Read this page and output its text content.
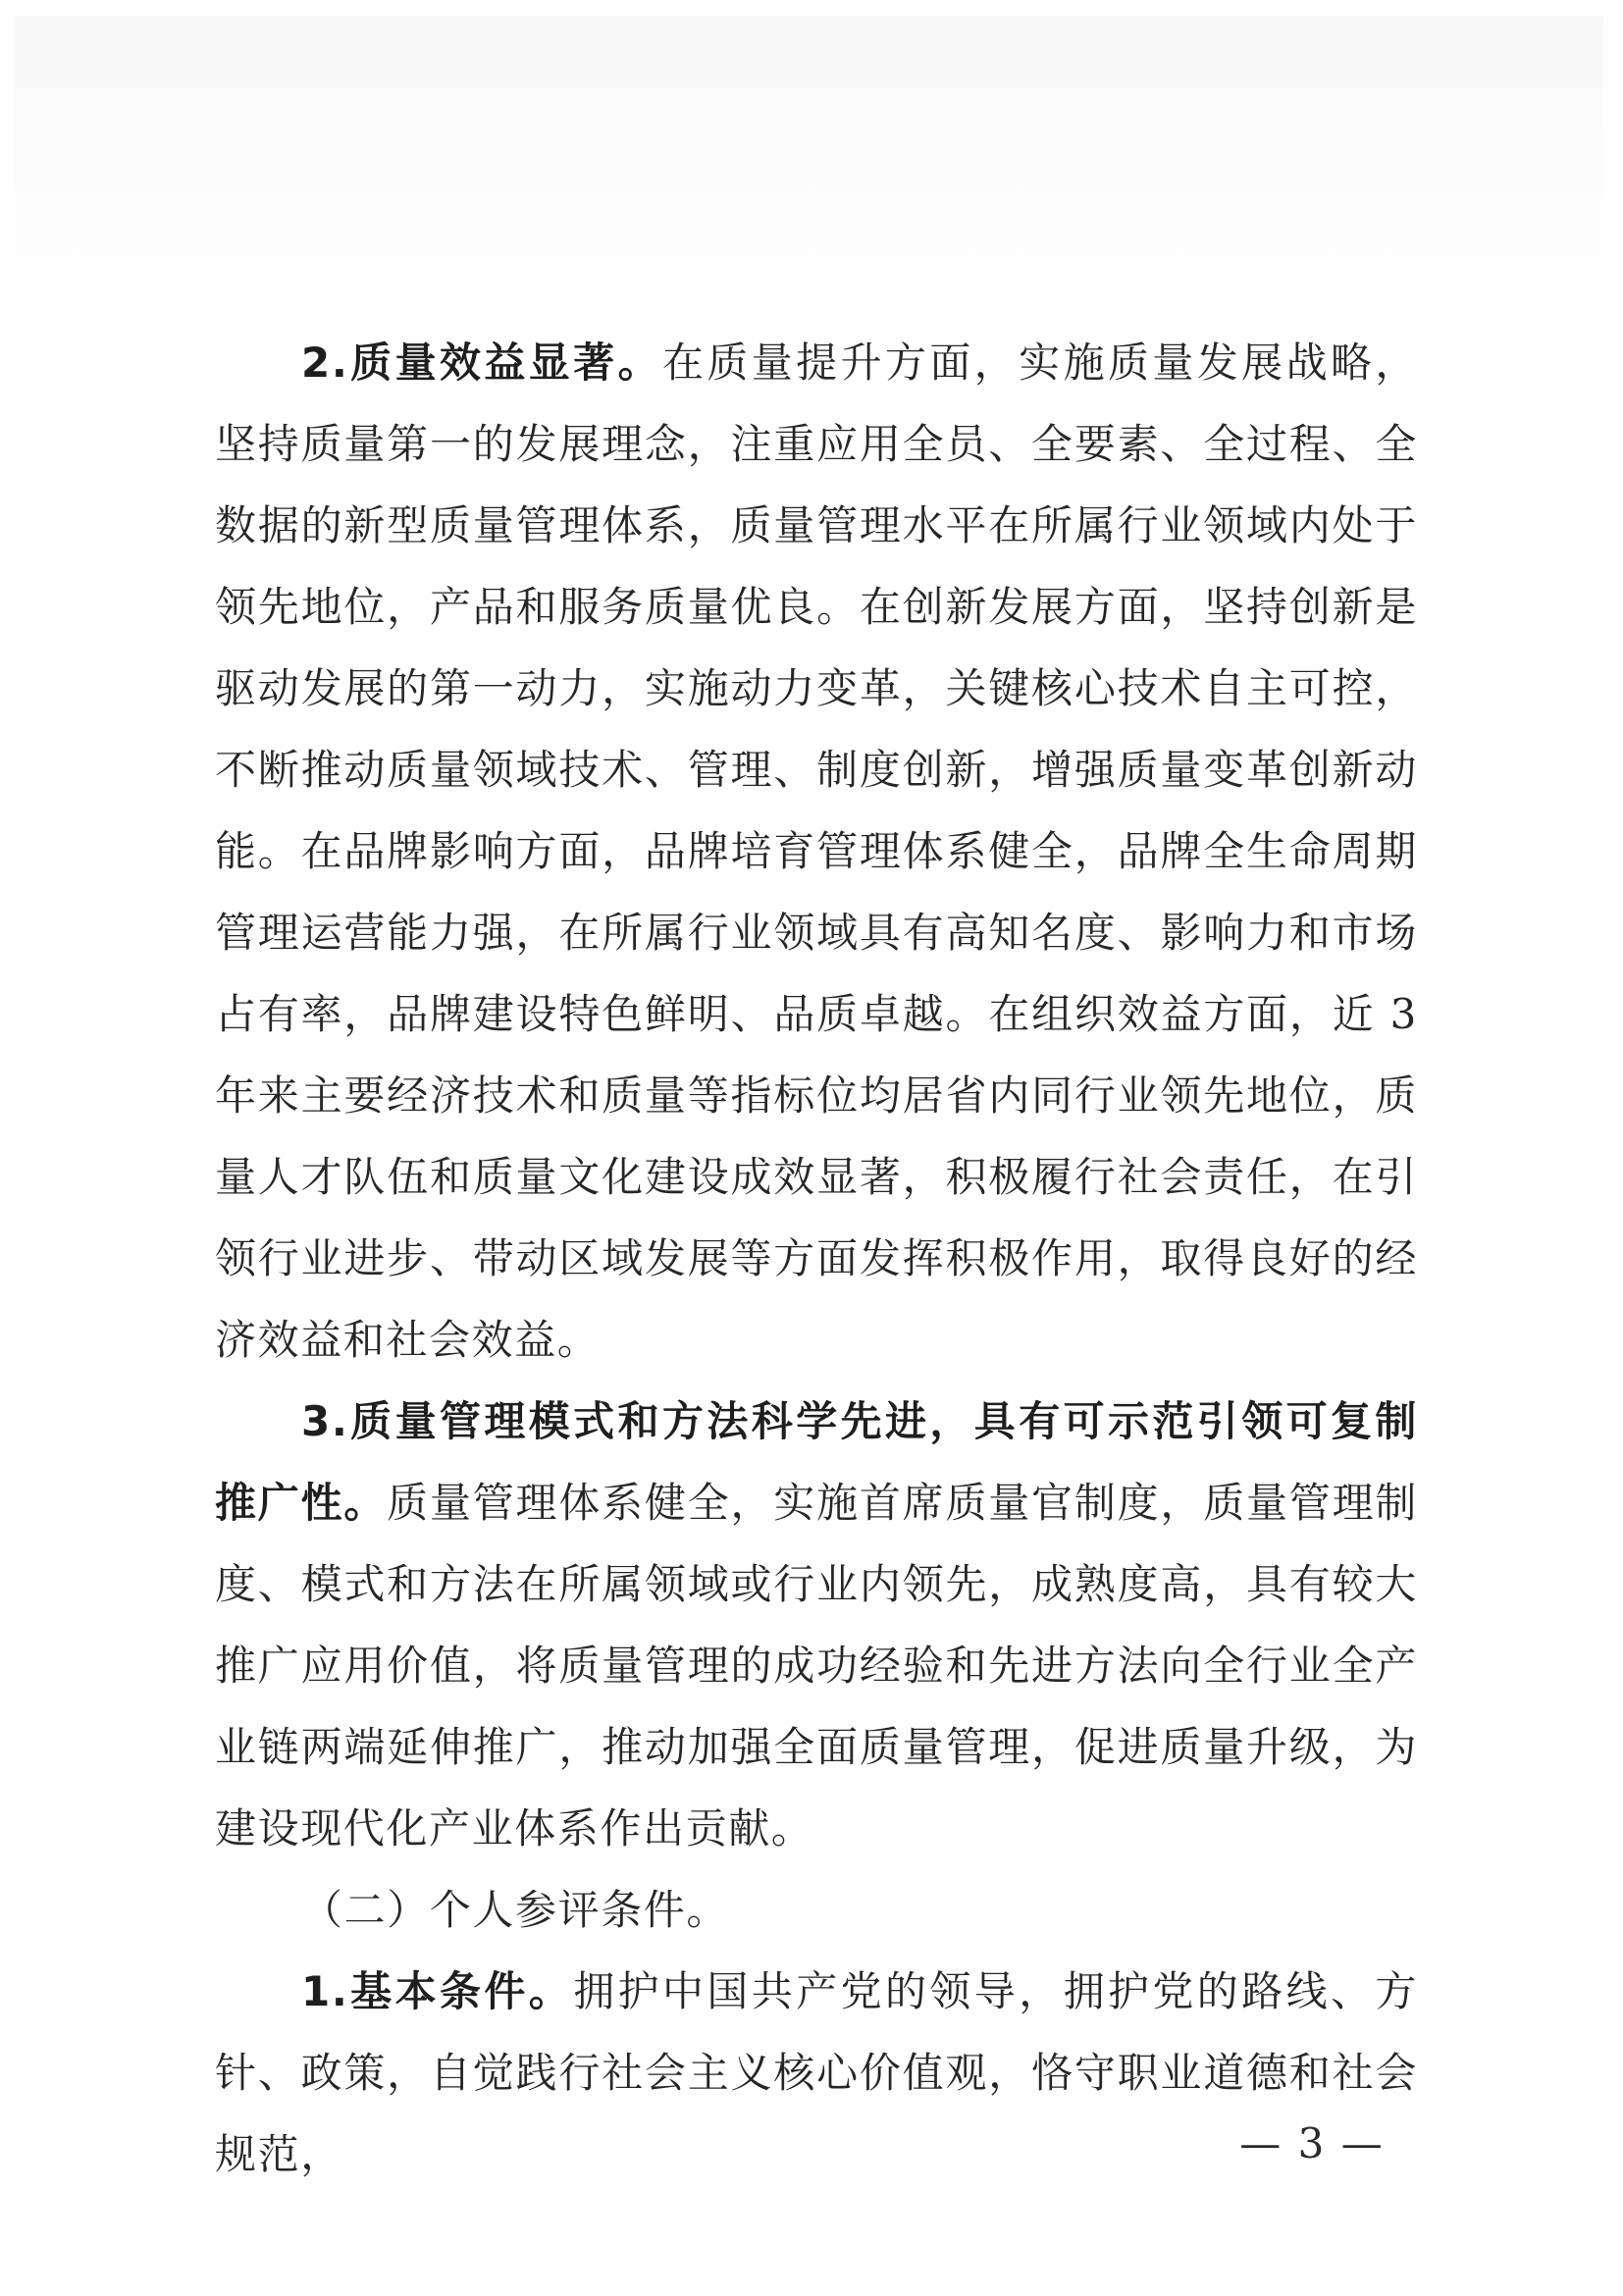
2.质量效益显著。在质量提升方面，实施质量发展战略，坚持质量第一的发展理念，注重应用全员、全要素、全过程、全数据的新型质量管理体系，质量管理水平在所属行业领域内处于领先地位，产品和服务质量优良。在创新发展方面，坚持创新是驱动发展的第一动力，实施动力变革，关键核心技术自主可控，不断推动质量领域技术、管理、制度创新，增强质量变革创新动能。在品牌影响方面，品牌培育管理体系健全，品牌全生命周期管理运营能力强，在所属行业领域具有高知名度、影响力和市场占有率，品牌建设特色鲜明、品质卓越。在组织效益方面，近 3 年来主要经济技术和质量等指标位均居省内同行业领先地位，质量人才队伍和质量文化建设成效显著，积极履行社会责任，在引领行业进步、带动区域发展等方面发挥积极作用，取得良好的经济效益和社会效益。

3.质量管理模式和方法科学先进，具有可示范引领可复制推广性。质量管理体系健全，实施首席质量官制度，质量管理制度、模式和方法在所属领域或行业内领先，成熟度高，具有较大推广应用价值，将质量管理的成功经验和先进方法向全行业全产业链两端延伸推广，推动加强全面质量管理，促进质量升级，为建设现代化产业体系作出贡献。

（二）个人参评条件。

1.基本条件。拥护中国共产党的领导，拥护党的路线、方针、政策，自觉践行社会主义核心价值观，恪守职业道德和社会规范，	— 3 —
